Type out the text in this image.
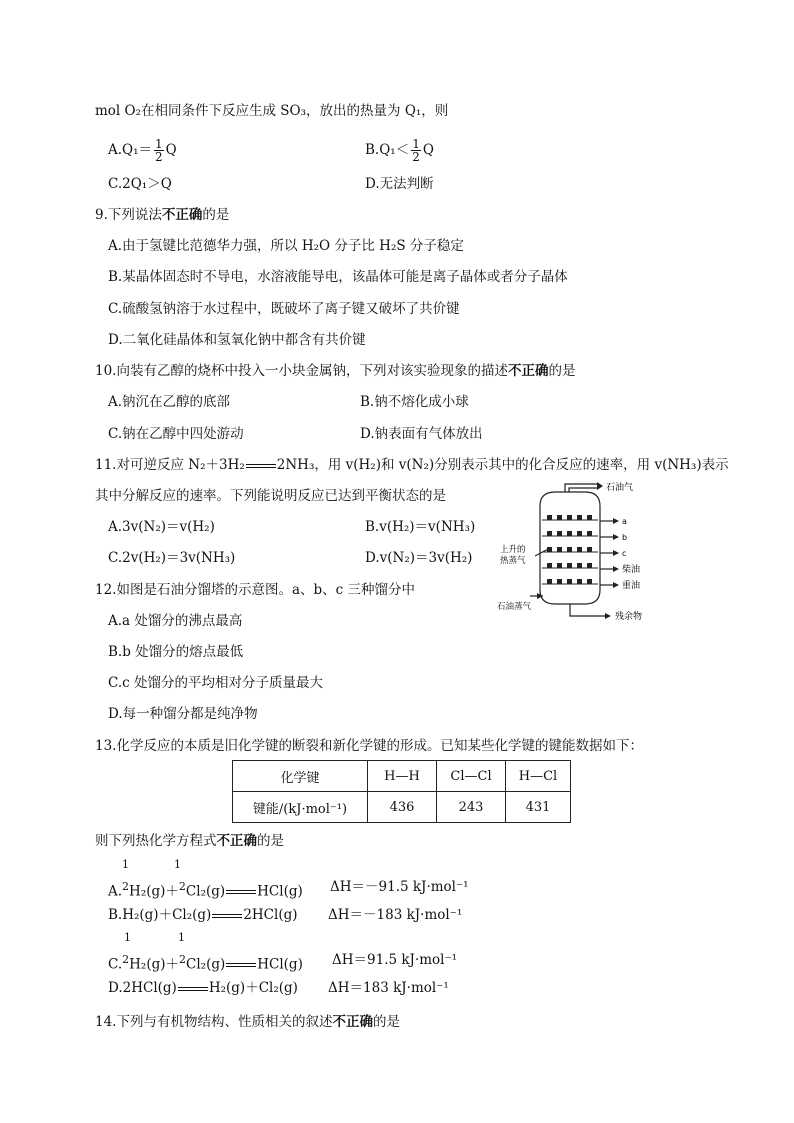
mol O₂在相同条件下反应生成 SO₃，放出的热量为 Q₁，则
$A.Q_1= \frac{1}{2}$ Q	$B.Q_1< \frac{1}{2}$ Q
C.2Q₁＞Q	D.无法判断
9.下列说法不正确的是
A.由于氢键比范德华力强，所以 H₂O 分子比 H₂S 分子稳定
B.某晶体固态时不导电，水溶液能导电，该晶体可能是离子晶体或者分子晶体
C.硫酸氢钠溶于水过程中，既破坏了离子键又破坏了共价键
D.二氧化硅晶体和氢氧化钠中都含有共价键
10.向装有乙醇的烧杯中投入一小块金属钠，下列对该实验现象的描述不正确的是
A.钠沉在乙醇的底部	B.钠不熔化成小球
C.钠在乙醇中四处游动	D.钠表面有气体放出
11.对可逆反应 N₂＋3H₂ 2NH₃，用 v(H₂)和 v(N₂)分别表示其中的化合反应的速率，用 v(NH₃)表示
其中分解反应的速率。下列能说明反应已达到平衡状态的是
A.3v(N₂)＝v(H₂)	B.v(H₂)＝v(NH₃)
C.2v(H₂)＝3v(NH₃)	D.v(N₂)＝3v(H₂)
石油气
a
b
c
柴油
重油
上升的
热蒸气
石油蒸气
残余物
12.如图是石油分馏塔的示意图。a、b、c 三种馏分中
A.a 处馏分的沸点最高
B.b 处馏分的熔点最低
C.c 处馏分的平均相对分子质量最大
D.每一种馏分都是纯净物
13.化学反应的本质是旧化学键的断裂和新化学键的形成。已知某些化学键的键能数据如下：
化学键	H—H	Cl—Cl	H—Cl
键能/(kJ·mol⁻¹)	436	243	431
则下列热化学方程式不正确的是
1	1
A.$^2$H₂(g)＋$^2$Cl₂(g) HCl(g) ΔH＝－91.5 kJ·mol⁻¹
B.H₂(g)＋Cl₂(g) 2HCl(g) ΔH＝－183 kJ·mol⁻¹
1	1
C.$^2$H₂(g)＋$^2$Cl₂(g) HCl(g) ΔH＝91.5 kJ·mol⁻¹
D.2HCl(g) H₂(g)＋Cl₂(g) ΔH＝183 kJ·mol⁻¹
14.下列与有机物结构、性质相关的叙述不正确的是
